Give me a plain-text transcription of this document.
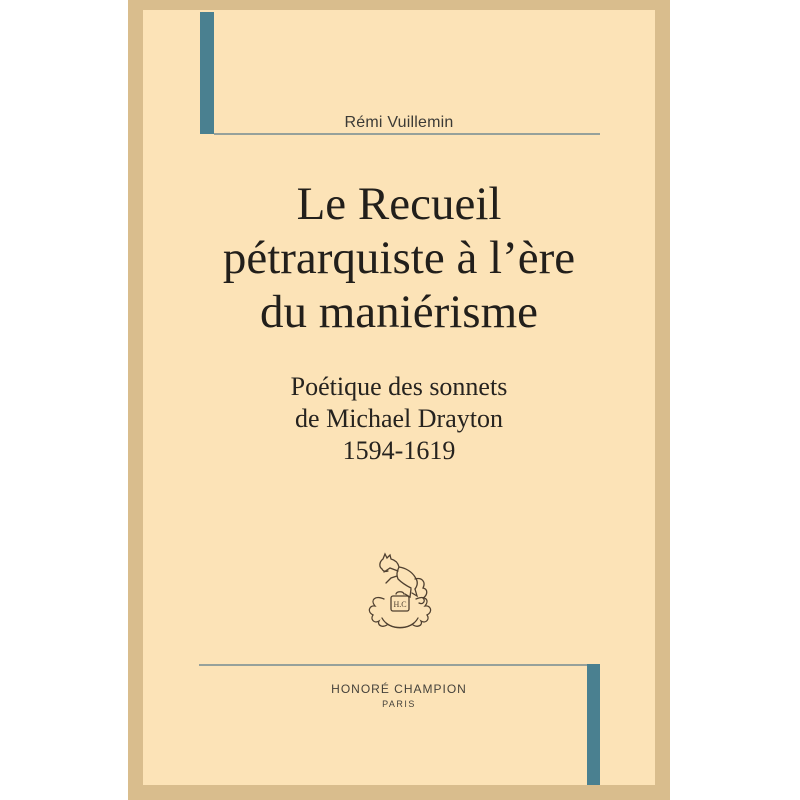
Rémi Vuillemin
Le Recueil
pétrarquiste à l’ère
du maniérisme
Poétique des sonnets
de Michael Drayton
1594-1619
H.C
HONORÉ CHAMPION
PARIS
